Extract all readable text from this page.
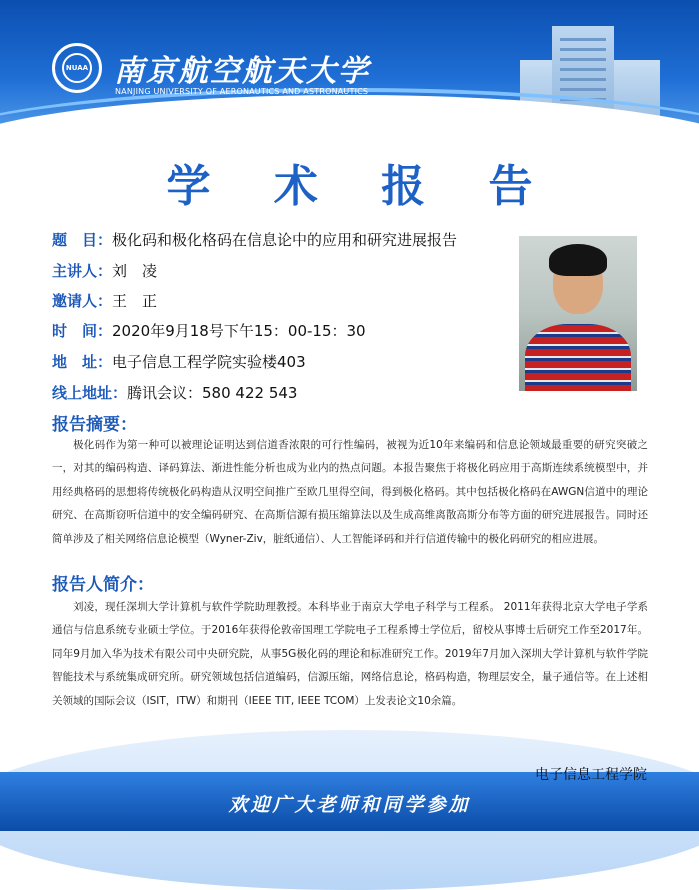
NUAA 南京航空航天大学
NANJING UNIVERSITY OF AERONAUTICS AND ASTRONAUTICS
学 术 报 告
题　目：极化码和极化格码在信息论中的应用和研究进展报告
主讲人：刘　凌
邀请人：王　正
时　间：2020年9月18号下午15：00-15：30
地　址：电子信息工程学院实验楼403
线上地址：腾讯会议：580 422 543
报告摘要：

极化码作为第一种可以被理论证明达到信道香浓限的可行性编码，被视为近10年来编码和信息论领域最重要的研究突破之一，对其的编码构造、译码算法、渐进性能分析也成为业内的热点问题。本报告聚焦于将极化码应用于高斯连续系统模型中，并用经典格码的思想将传统极化码构造从汉明空间推广至欧几里得空间，得到极化格码。其中包括极化格码在AWGN信道中的理论研究、在高斯窃听信道中的安全编码研究、在高斯信源有损压缩算法以及生成高维离散高斯分布等方面的研究进展报告。同时还简单涉及了相关网络信息论模型（Wyner-Ziv，脏纸通信）、人工智能译码和并行信道传输中的极化码研究的相应进展。

报告人简介：

刘凌，现任深圳大学计算机与软件学院助理教授。本科毕业于南京大学电子科学与工程系。 2011年获得北京大学电子学系通信与信息系统专业硕士学位。于2016年获得伦敦帝国理工学院电子工程系博士学位后，留校从事博士后研究工作至2017年。同年9月加入华为技术有限公司中央研究院，从事5G极化码的理论和标准研究工作。2019年7月加入深圳大学计算机与软件学院智能技术与系统集成研究所。研究领域包括信道编码，信源压缩，网络信息论，格码构造，物理层安全，量子通信等。在上述相关领域的国际会议（ISIT，ITW）和期刊（IEEE TIT, IEEE TCOM）上发表论文10余篇。

电子信息工程学院
欢迎广大老师和同学参加
